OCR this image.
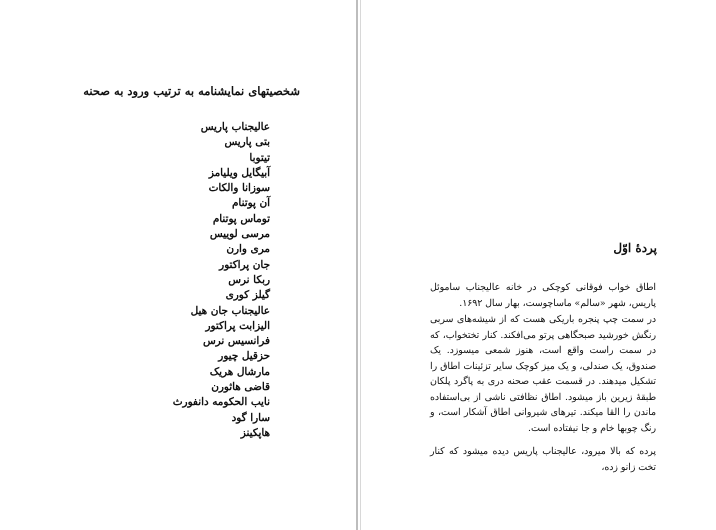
شخصیتهای نمایشنامه به ترتیب ورود به صحنه
عالیجناب پاریس
بتی پاریس
تیتوبا
آبیگایل ویلیامز
سوزانا والکات
آن پوتنام
توماس پوتنام
مرسی لوییس
مری وارن
جان پراکتور
ربکا نرس
گیلز کوری
عالیجناب جان هیل
الیزابت پراکتور
فرانسیس نرس
حزقیل چیور
مارشال هریک
قاضی هاثورن
نایب الحکومه دانفورث
سارا گود
هاپکینز
پردهٔ اوّل

اطاق خواب فوقانی کوچکی در خانه عالیجناب ساموئل پاریس، شهر «سالم» ماساچوست، بهار سال ۱۶۹۲.

در سمت چپ پنجره باریکی هست که از شیشه‌های سربی رنگش خورشید صبحگاهی پرتو می‌افکند. کنار تختخواب، که در سمت راست واقع است، هنوز شمعی میسوزد. یک صندوق، یک صندلی، و یک میز کوچک سایر تزئینات اطاق را تشکیل میدهند. در قسمت عقب صحنه دری به پاگرد پلکان طبقهٔ زیرین باز میشود. اطاق نظافتی ناشی از بی‌استفاده ماندن را القا میکند. تیرهای شیروانی اطاق آشکار است، و رنگ چوبها خام و جا نیفتاده است.

پرده که بالا میرود، عالیجناب پاریس دیده میشود که کنار تخت زانو زده،
